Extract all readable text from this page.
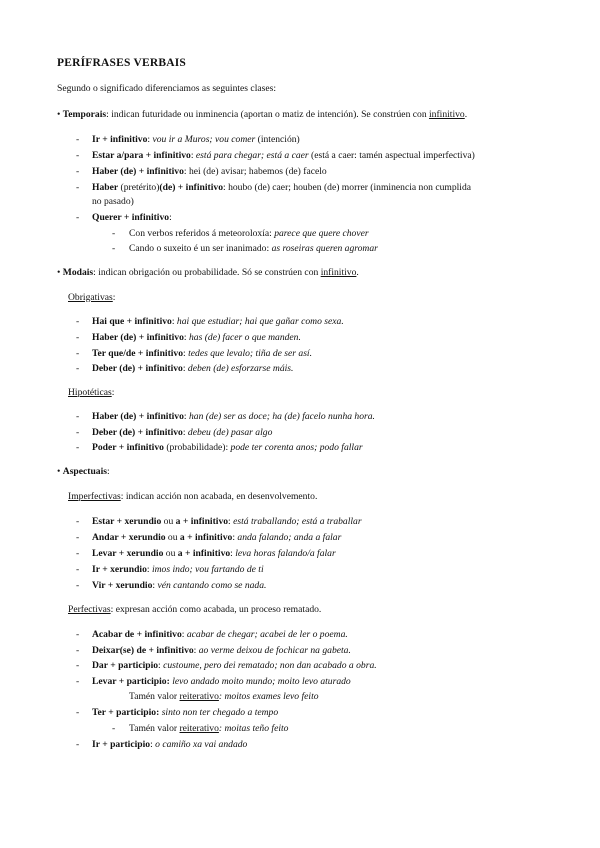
PERÍFRASES VERBAIS
Segundo o significado diferenciamos as seguintes clases:
• Temporais: indican futuridade ou inminencia (aportan o matiz de intención). Se constrúen con infinitivo.
- Ir + infinitivo: vou ir a Muros; vou comer (intención)
- Estar a/para + infinitivo: está para chegar; está a caer (está a caer: tamén aspectual imperfectiva)
- Haber (de) + infinitivo: hei (de) avisar; habemos (de) facelo
- Haber (pretérito)(de) + infinitivo: houbo (de) caer; houben (de) morrer (inminencia non cumplida
no pasado)
- Querer + infinitivo:
- Con verbos referidos á meteoroloxía: parece que quere chover
- Cando o suxeito é un ser inanimado: as roseiras queren agromar
• Modais: indican obrigación ou probabilidade. Só se constrúen con infinitivo.
Obrigativas:
- Hai que + infinitivo: hai que estudiar; hai que gañar como sexa.
- Haber (de) + infinitivo: has (de) facer o que manden.
- Ter que/de + infinitivo: tedes que levalo; tiña de ser así.
- Deber (de) + infinitivo: deben (de) esforzarse máis.
Hipotéticas:
- Haber (de) + infinitivo: han (de) ser as doce; ha (de) facelo nunha hora.
- Deber (de) + infinitivo: debeu (de) pasar algo
- Poder + infinitivo (probabilidade): pode ter corenta anos; podo fallar
• Aspectuais:
Imperfectivas: indican acción non acabada, en desenvolvemento.
- Estar + xerundio ou a + infinitivo: está traballando; está a traballar
- Andar + xerundio ou a + infinitivo: anda falando; anda a falar
- Levar + xerundio ou a + infinitivo: leva horas falando/a falar
- Ir + xerundio: imos indo; vou fartando de ti
- Vir + xerundio: vén cantando como se nada.
Perfectivas: expresan acción como acabada, un proceso rematado.
- Acabar de + infinitivo: acabar de chegar; acabei de ler o poema.
- Deixar(se) de + infinitivo: ao verme deixou de fochicar na gabeta.
- Dar + participio: custoume, pero dei rematado; non dan acabado a obra.
- Levar + participio: levo andado moito mundo; moito levo aturado
Tamén valor reiterativo: moitos exames levo feito
- Ter + participio: sinto non ter chegado a tempo
- Tamén valor reiterativo: moitas teño feito
- Ir + participio: o camiño xa vai andado
